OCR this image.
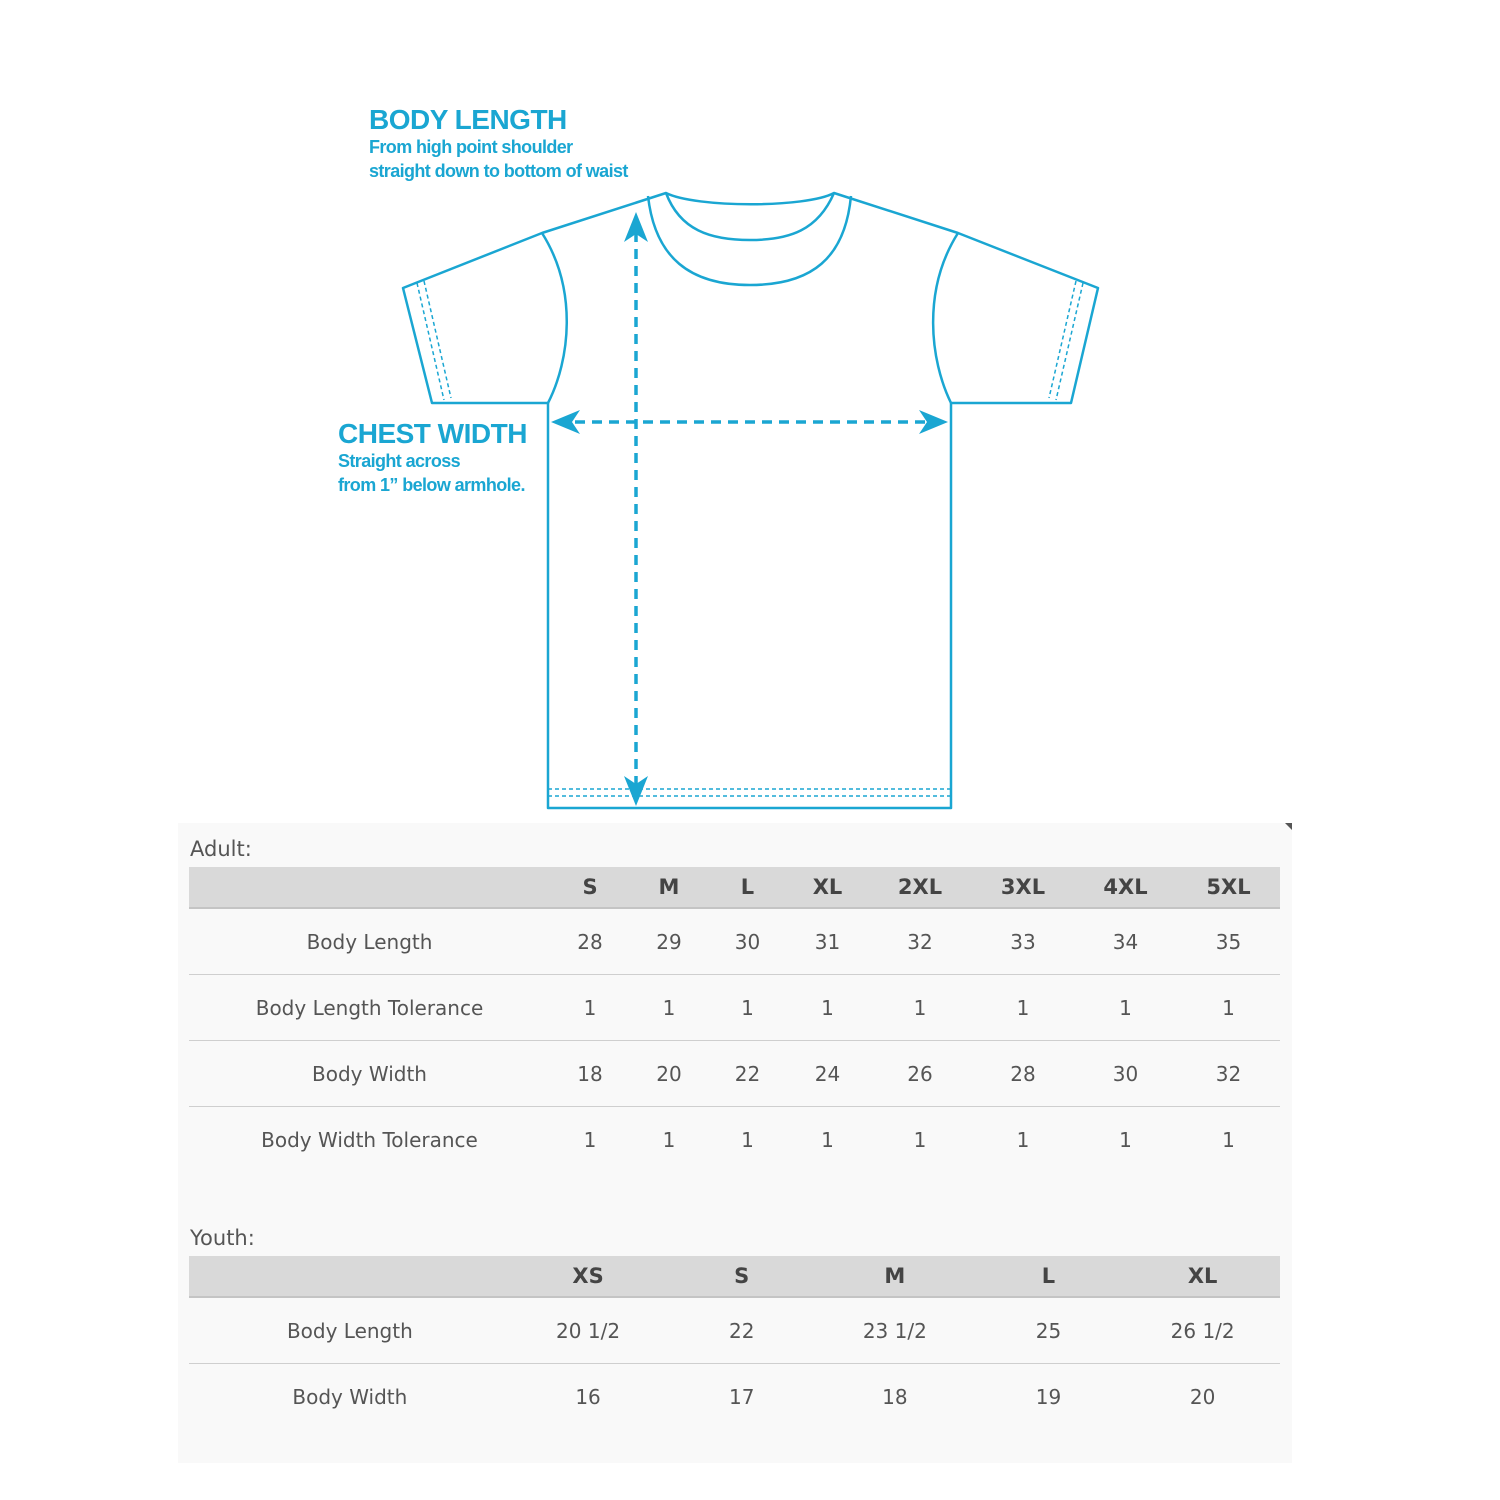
BODY LENGTH
From high point shoulder
straight down to bottom of waist
CHEST WIDTH
Straight across
from 1” below armhole.
Adult:
	S	M	L	XL	2XL	3XL	4XL	5XL
Body Length	28	29	30	31	32	33	34	35
Body Length Tolerance	1	1	1	1	1	1	1	1
Body Width	18	20	22	24	26	28	30	32
Body Width Tolerance	1	1	1	1	1	1	1	1
Youth:
	XS	S	M	L	XL
Body Length	20 1/2	22	23 1/2	25	26 1/2
Body Width	16	17	18	19	20
